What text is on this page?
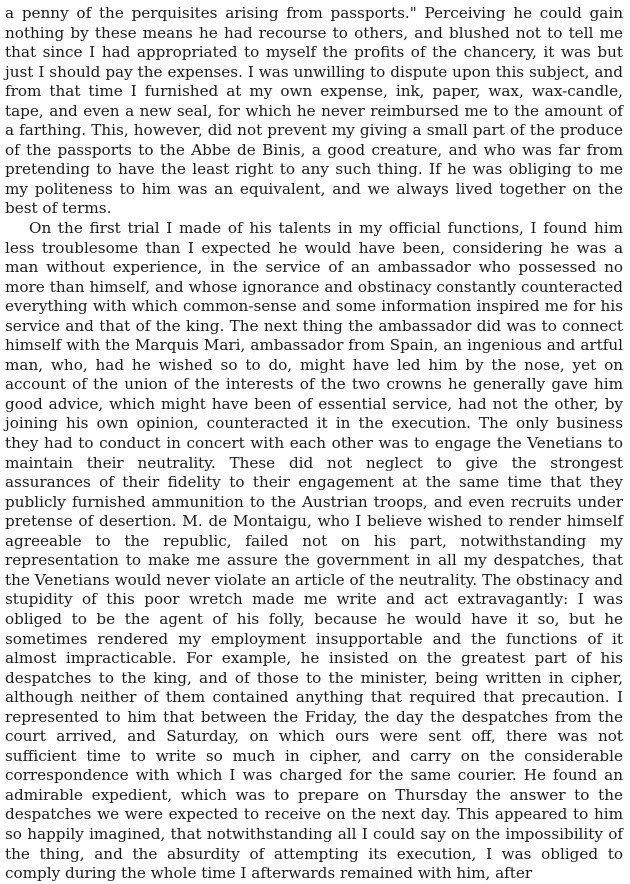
a penny of the perquisites arising from passports." Perceiving he could gain nothing by these means he had recourse to others, and blushed not to tell me that since I had appropriated to myself the profits of the chancery, it was but just I should pay the expenses. I was unwilling to dispute upon this subject, and from that time I furnished at my own expense, ink, paper, wax, wax-candle, tape, and even a new seal, for which he never reimbursed me to the amount of a farthing. This, however, did not prevent my giving a small part of the produce of the passports to the Abbe de Binis, a good creature, and who was far from pretending to have the least right to any such thing. If he was obliging to me my politeness to him was an equivalent, and we always lived together on the best of terms.

On the first trial I made of his talents in my official functions, I found him less troublesome than I expected he would have been, considering he was a man without experience, in the service of an ambassador who possessed no more than himself, and whose ignorance and obstinacy constantly counteracted everything with which common-sense and some information inspired me for his service and that of the king. The next thing the ambassador did was to connect himself with the Marquis Mari, ambassador from Spain, an ingenious and artful man, who, had he wished so to do, might have led him by the nose, yet on account of the union of the interests of the two crowns he generally gave him good advice, which might have been of essential service, had not the other, by joining his own opinion, counteracted it in the execution. The only business they had to conduct in concert with each other was to engage the Venetians to maintain their neutrality. These did not neglect to give the strongest assurances of their fidelity to their engagement at the same time that they publicly furnished ammunition to the Austrian troops, and even recruits under pretense of desertion. M. de Montaigu, who I believe wished to render himself agreeable to the republic, failed not on his part, notwithstanding my representation to make me assure the government in all my despatches, that the Venetians would never violate an article of the neutrality. The obstinacy and stupidity of this poor wretch made me write and act extravagantly: I was obliged to be the agent of his folly, because he would have it so, but he sometimes rendered my employment insupportable and the functions of it almost impracticable. For example, he insisted on the greatest part of his despatches to the king, and of those to the minister, being written in cipher, although neither of them contained anything that required that precaution. I represented to him that between the Friday, the day the despatches from the court arrived, and Saturday, on which ours were sent off, there was not sufficient time to write so much in cipher, and carry on the considerable correspondence with which I was charged for the same courier. He found an admirable expedient, which was to prepare on Thursday the answer to the despatches we were expected to receive on the next day. This appeared to him so happily imagined, that notwithstanding all I could say on the impossibility of the thing, and the absurdity of attempting its execution, I was obliged to comply during the whole time I afterwards remained with him, after
